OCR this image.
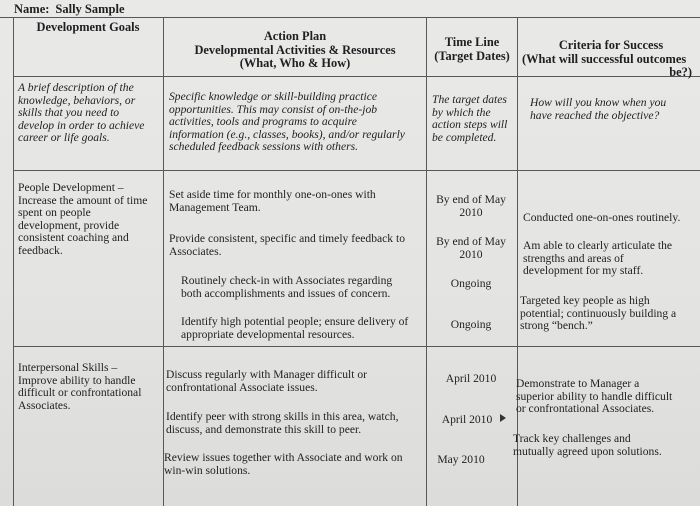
Name: Sally Sample
Development Goals
Action Plan
Developmental Activities & Resources
(What, Who & How)
Time Line
(Target Dates)
Criteria for Success
(What will successful outcomes
be?)
A brief description of the
knowledge, behaviors, or
skills that you need to
develop in order to achieve
career or life goals.
Specific knowledge or skill-building practice
opportunities. This may consist of on-the-job
activities, tools and programs to acquire
information (e.g., classes, books), and/or regularly
scheduled feedback sessions with others.
The target dates
by which the
action steps will
be completed.
How will you know when you
have reached the objective?
People Development –
Increase the amount of time
spent on people
development, provide
consistent coaching and
feedback.
Set aside time for monthly one-on-ones with
Management Team.
Provide consistent, specific and timely feedback to
Associates.
Routinely check-in with Associates regarding
both accomplishments and issues of concern.
Identify high potential people; ensure delivery of
appropriate developmental resources.
By end of May
2010
By end of May
2010
Ongoing
Ongoing
Conducted one-on-ones routinely.
Am able to clearly articulate the
strengths and areas of
development for my staff.
Targeted key people as high
potential; continuously building a
strong “bench.”
Interpersonal Skills –
Improve ability to handle
difficult or confrontational
Associates.
Discuss regularly with Manager difficult or
confrontational Associate issues.
Identify peer with strong skills in this area, watch,
discuss, and demonstrate this skill to peer.
Review issues together with Associate and work on
win-win solutions.
April 2010
April 2010
May 2010
Demonstrate to Manager a
superior ability to handle difficult
or confrontational Associates.
Track key challenges and
mutually agreed upon solutions.
